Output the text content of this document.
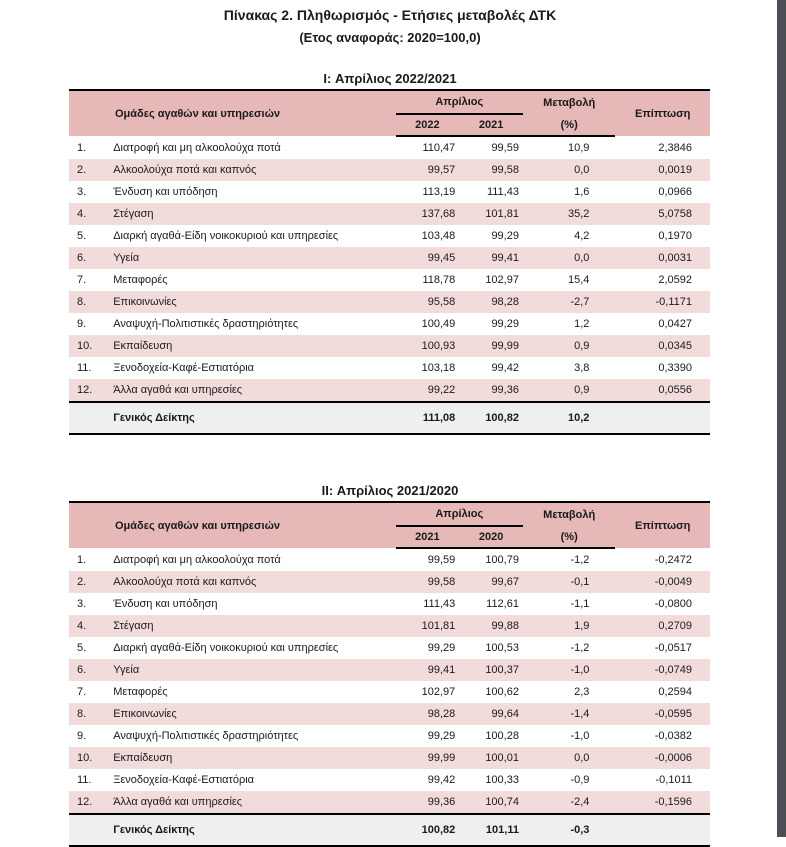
Πίνακας 2. Πληθωρισμός - Ετήσιες μεταβολές ΔΤΚ
(Ετος αναφοράς: 2020=100,0)
I: Απρίλιος 2022/2021
Ομάδες αγαθών και υπηρεσιών		Απρίλιος		Μεταβολή	Επίπτωση
		2022	2021	(%)	
1.	Διατροφή και μη αλκοολούχα ποτά	110,47	99,59	10,9	2,3846
2.	Αλκοολούχα ποτά και καπνός	99,57	99,58	0,0	0,0019
3.	Ένδυση και υπόδηση	113,19	111,43	1,6	0,0966
4.	Στέγαση	137,68	101,81	35,2	5,0758
5.	Διαρκή αγαθά-Είδη νοικοκυριού και υπηρεσίες	103,48	99,29	4,2	0,1970
6.	Υγεία	99,45	99,41	0,0	0,0031
7.	Μεταφορές	118,78	102,97	15,4	2,0592
8.	Επικοινωνίες	95,58	98,28	-2,7	-0,1171
9.	Αναψυχή-Πολιτιστικές δραστηριότητες	100,49	99,29	1,2	0,0427
10.	Εκπαίδευση	100,93	99,99	0,9	0,0345
11.	Ξενοδοχεία-Καφέ-Εστιατόρια	103,18	99,42	3,8	0,3390
12.	Άλλα αγαθά και υπηρεσίες	99,22	99,36	0,9	0,0556
	Γενικός Δείκτης	111,08	100,82	10,2	
II: Απρίλιος 2021/2020
Ομάδες αγαθών και υπηρεσιών		Απρίλιος		Μεταβολή	Επίπτωση
		2021	2020	(%)	
1.	Διατροφή και μη αλκοολούχα ποτά	99,59	100,79	-1,2	-0,2472
2.	Αλκοολούχα ποτά και καπνός	99,58	99,67	-0,1	-0,0049
3.	Ένδυση και υπόδηση	111,43	112,61	-1,1	-0,0800
4.	Στέγαση	101,81	99,88	1,9	0,2709
5.	Διαρκή αγαθά-Είδη νοικοκυριού και υπηρεσίες	99,29	100,53	-1,2	-0,0517
6.	Υγεία	99,41	100,37	-1,0	-0,0749
7.	Μεταφορές	102,97	100,62	2,3	0,2594
8.	Επικοινωνίες	98,28	99,64	-1,4	-0,0595
9.	Αναψυχή-Πολιτιστικές δραστηριότητες	99,29	100,28	-1,0	-0,0382
10.	Εκπαίδευση	99,99	100,01	0,0	-0,0006
11.	Ξενοδοχεία-Καφέ-Εστιατόρια	99,42	100,33	-0,9	-0,1011
12.	Άλλα αγαθά και υπηρεσίες	99,36	100,74	-2,4	-0,1596
	Γενικός Δείκτης	100,82	101,11	-0,3	
